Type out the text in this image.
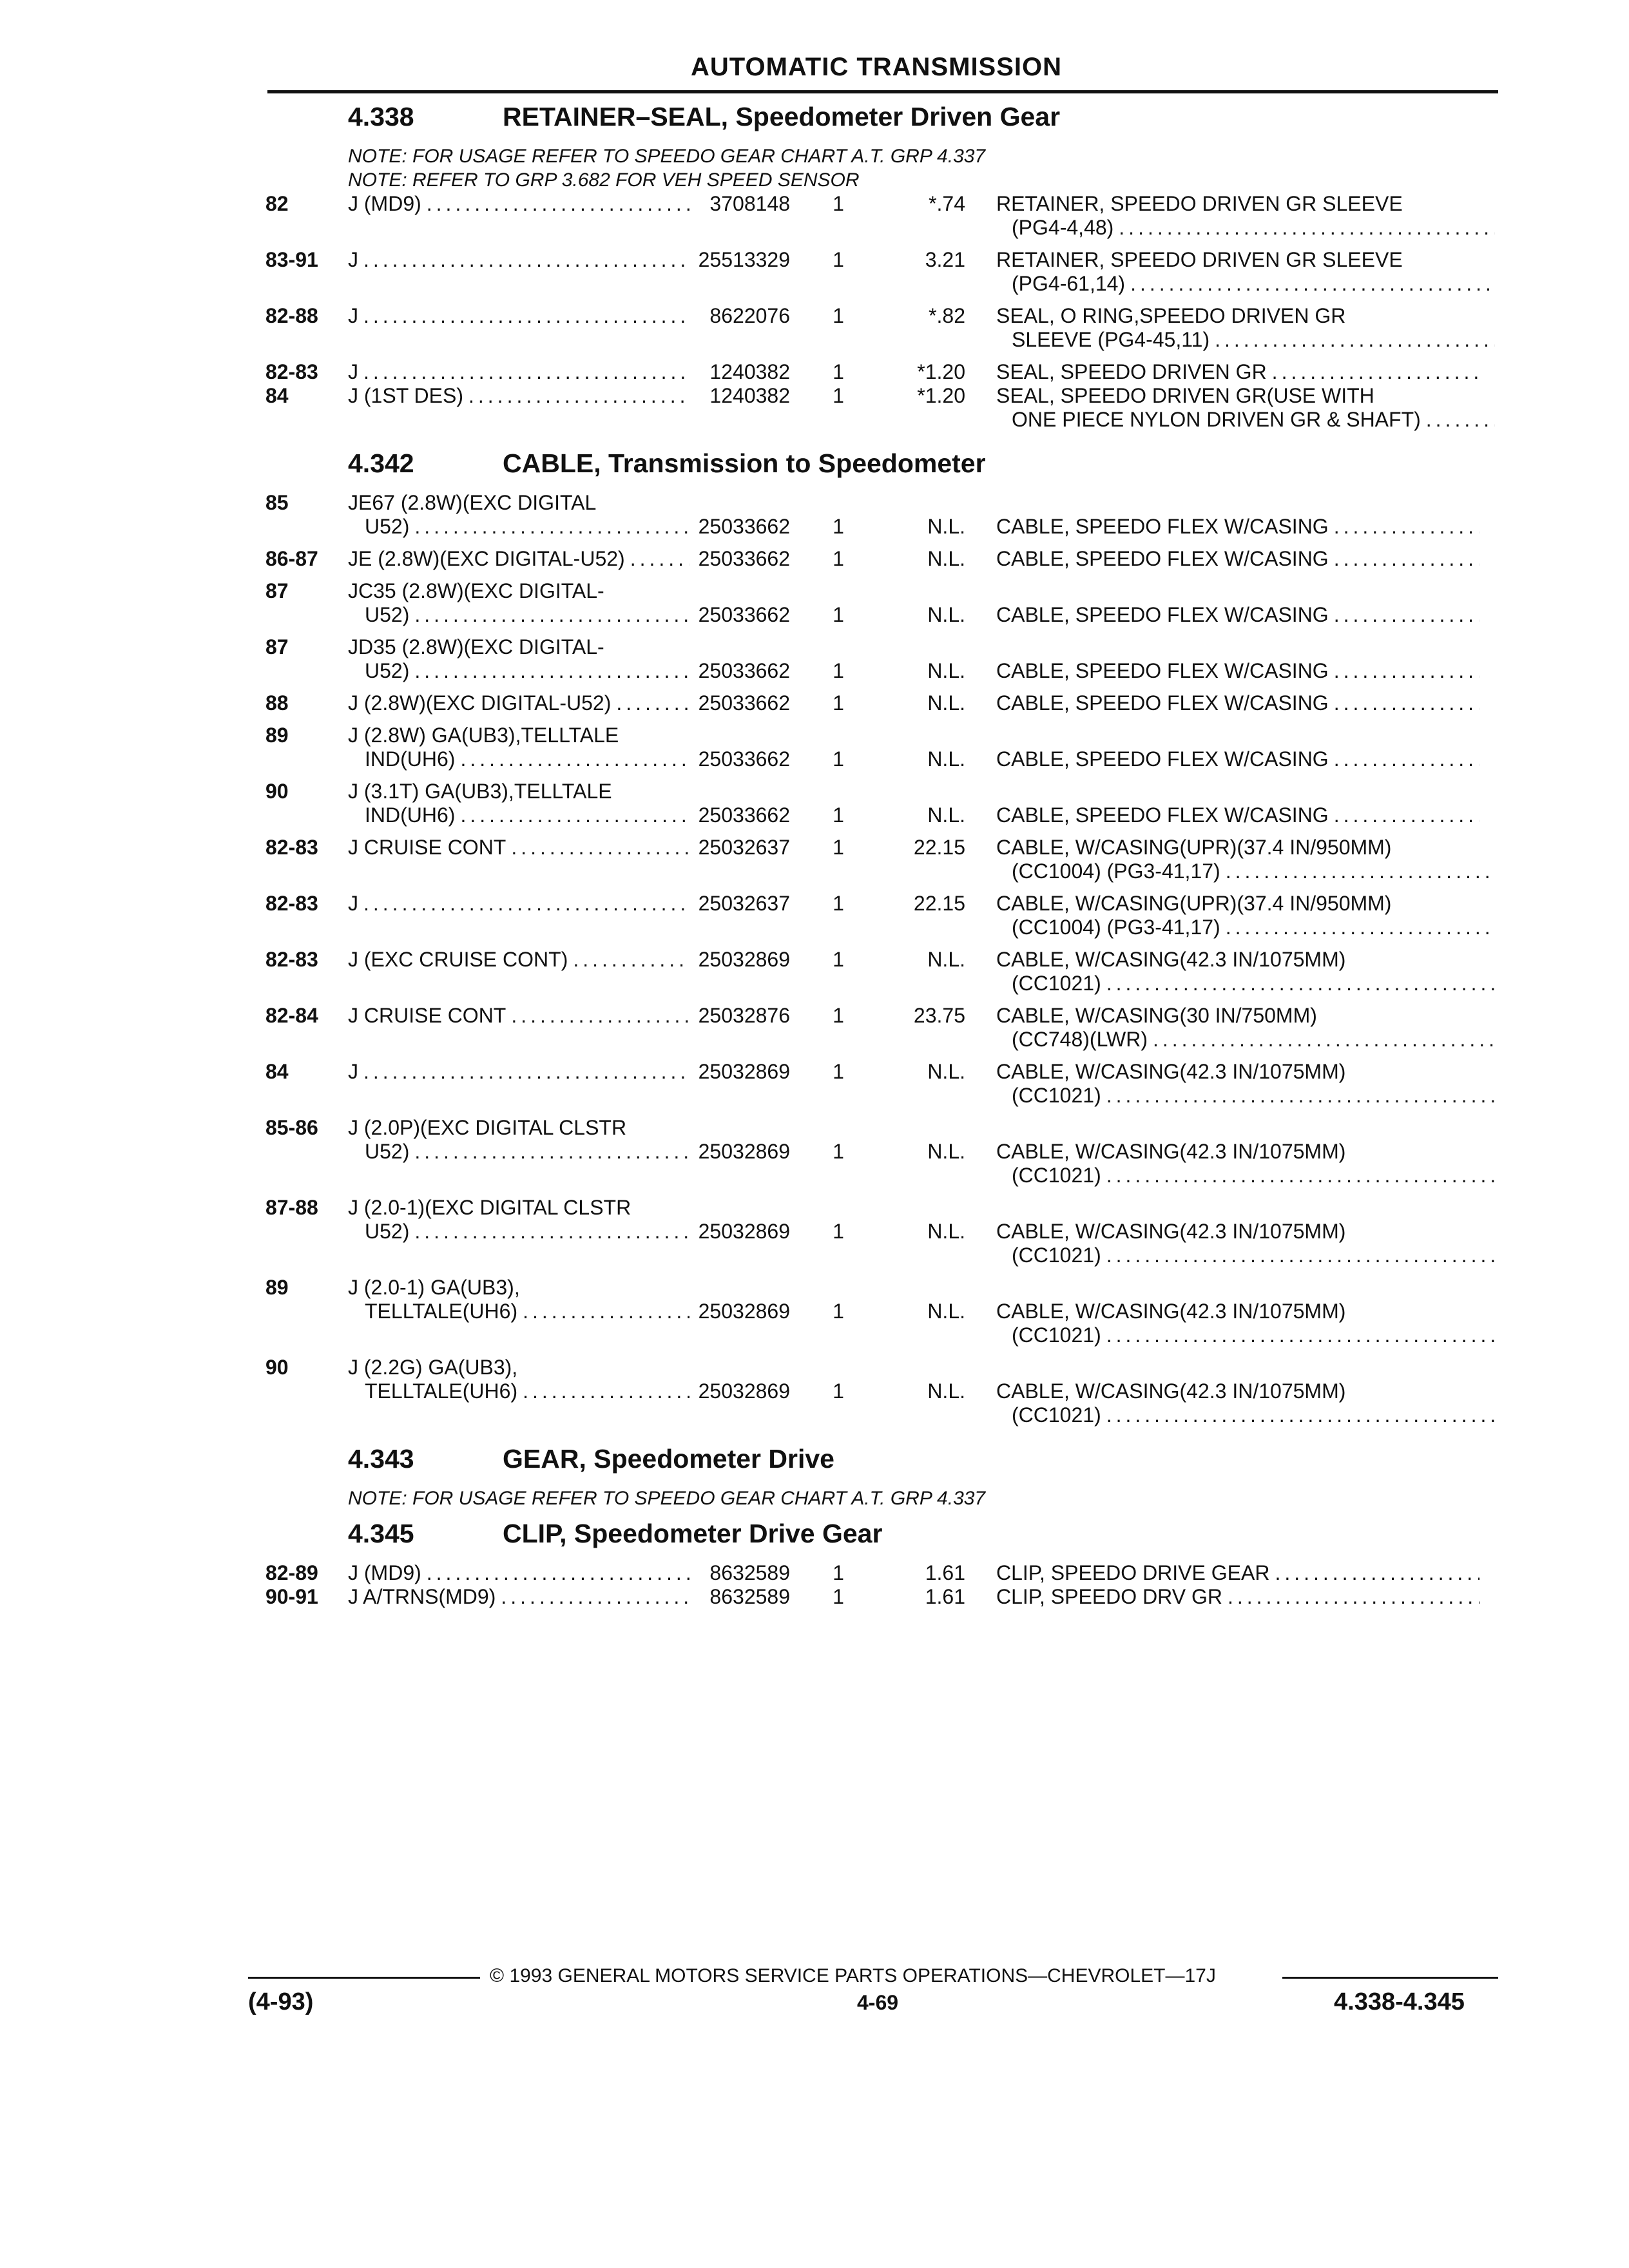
AUTOMATIC TRANSMISSION
4.338	RETAINER–SEAL, Speedometer Driven Gear
NOTE: FOR USAGE REFER TO SPEEDO GEAR CHART A.T. GRP 4.337
NOTE: REFER TO GRP 3.682 FOR VEH SPEED SENSOR
82	J (MD9) .....	3708148	1	*.74 RETAINER, SPEEDO DRIVEN GR SLEEVE
(PG4-4,48)
.....
83-91	J .....	25513329	1	3.21 RETAINER, SPEEDO DRIVEN GR SLEEVE
(PG4-61,14)
.....
82-88	J .....	8622076	1	*.82 SEAL, O RING,SPEEDO DRIVEN GR
SLEEVE (PG4-45,11)
.....
82-83	J .....	1240382	1	*1.20 SEAL, SPEEDO DRIVEN GR
.....
84	J (1ST DES) .....	1240382	1	*1.20 SEAL, SPEEDO DRIVEN GR(USE WITH
ONE PIECE NYLON DRIVEN GR & SHAFT)
.....
4.342	CABLE, Transmission to Speedometer
85	JE67 (2.8W)(EXC DIGITAL
U52) .....	25033662	1	N.L. CABLE, SPEEDO FLEX W/CASING
.....
86-87	JE (2.8W)(EXC DIGITAL-U52) .....	25033662	1	N.L. CABLE, SPEEDO FLEX W/CASING
.....
87	JC35 (2.8W)(EXC DIGITAL-
U52) .....	25033662	1	N.L. CABLE, SPEEDO FLEX W/CASING
.....
87	JD35 (2.8W)(EXC DIGITAL-
U52) .....	25033662	1	N.L. CABLE, SPEEDO FLEX W/CASING
.....
88	J (2.8W)(EXC DIGITAL-U52) .....	25033662	1	N.L. CABLE, SPEEDO FLEX W/CASING
.....
89	J (2.8W) GA(UB3),TELLTALE
IND(UH6) .....	25033662	1	N.L. CABLE, SPEEDO FLEX W/CASING
.....
90	J (3.1T) GA(UB3),TELLTALE
IND(UH6) .....	25033662	1	N.L. CABLE, SPEEDO FLEX W/CASING
.....
82-83	J CRUISE CONT .....	25032637	1	22.15 CABLE, W/CASING(UPR)(37.4 IN/950MM)
(CC1004) (PG3-41,17)
.....
82-83	J .....	25032637	1	22.15 CABLE, W/CASING(UPR)(37.4 IN/950MM)
(CC1004) (PG3-41,17)
.....
82-83	J (EXC CRUISE CONT) .....	25032869	1	N.L. CABLE, W/CASING(42.3 IN/1075MM)
(CC1021)
.....
82-84	J CRUISE CONT .....	25032876	1	23.75 CABLE, W/CASING(30 IN/750MM)
(CC748)(LWR)
.....
84	J .....	25032869	1	N.L. CABLE, W/CASING(42.3 IN/1075MM)
(CC1021)
.....
85-86	J (2.0P)(EXC DIGITAL CLSTR
U52) .....	25032869	1	N.L. CABLE, W/CASING(42.3 IN/1075MM)
(CC1021)
.....
87-88	J (2.0-1)(EXC DIGITAL CLSTR
U52) .....	25032869	1	N.L. CABLE, W/CASING(42.3 IN/1075MM)
(CC1021)
.....
89	J (2.0-1) GA(UB3),
TELLTALE(UH6) .....	25032869	1	N.L. CABLE, W/CASING(42.3 IN/1075MM)
(CC1021)
.....
90	J (2.2G) GA(UB3),
TELLTALE(UH6) .....	25032869	1	N.L. CABLE, W/CASING(42.3 IN/1075MM)
(CC1021)
.....
4.343	GEAR, Speedometer Drive
NOTE: FOR USAGE REFER TO SPEEDO GEAR CHART A.T. GRP 4.337
4.345	CLIP, Speedometer Drive Gear
82-89	J (MD9) .....	8632589	1	1.61 CLIP, SPEEDO DRIVE GEAR
.....
90-91	J A/TRNS(MD9) .....	8632589	1	1.61 CLIP, SPEEDO DRV GR
.....
© 1993 GENERAL MOTORS SERVICE PARTS OPERATIONS—CHEVROLET—17J
(4-93)	4-69	4.338-4.345
